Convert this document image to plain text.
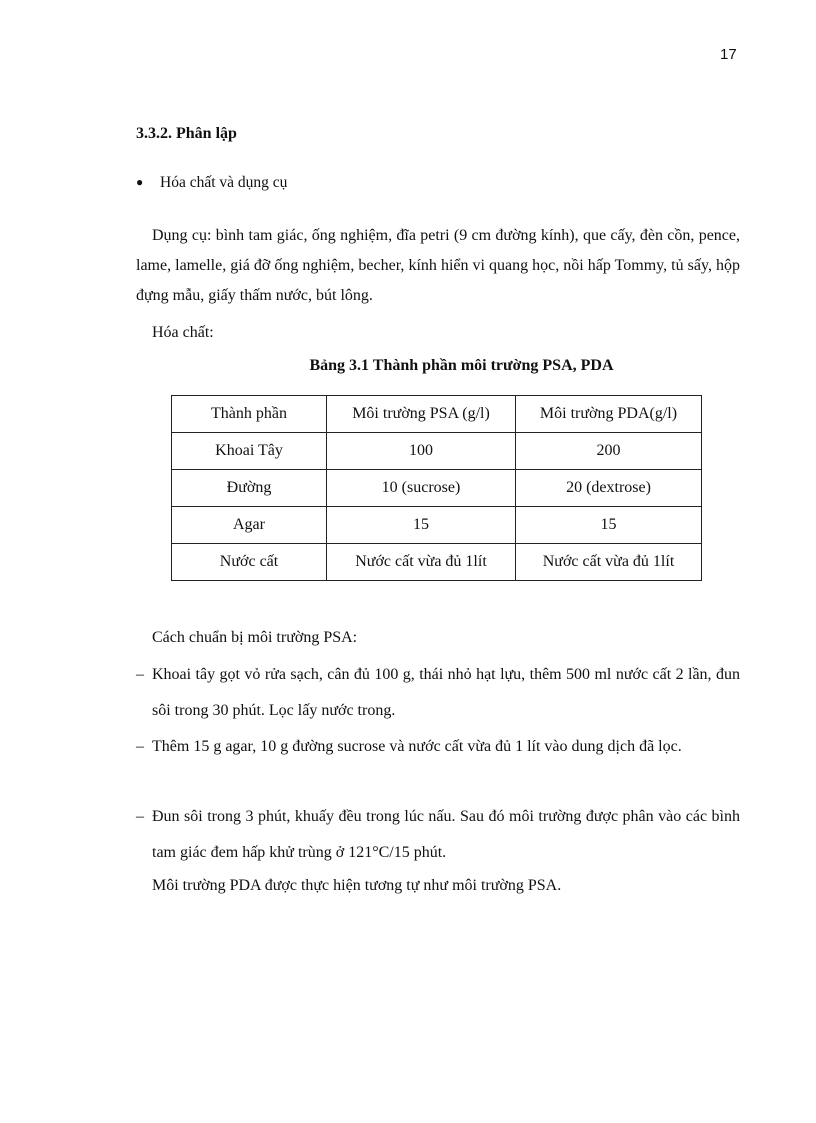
17
3.3.2. Phân lập
● Hóa chất và dụng cụ
Dụng cụ: bình tam giác, ống nghiệm, đĩa petri (9 cm đường kính), que cấy, đèn cồn, pence, lame, lamelle, giá đỡ ống nghiệm, becher, kính hiển vi quang học, nồi hấp Tommy, tủ sấy, hộp đựng mẫu, giấy thấm nước, bút lông.
Hóa chất:
Bảng 3.1 Thành phần môi trường PSA, PDA
Thành phần	Môi trường PSA (g/l)	Môi trường PDA(g/l)
Khoai Tây	100	200
Đường	10 (sucrose)	20 (dextrose)
Agar	15	15
Nước cất	Nước cất vừa đủ 1lít	Nước cất vừa đủ 1lít
Cách chuẩn bị môi trường PSA:
– Khoai tây gọt vỏ rửa sạch, cân đủ 100 g, thái nhỏ hạt lựu, thêm 500 ml nước cất 2 lần, đun sôi trong 30 phút. Lọc lấy nước trong.
– Thêm 15 g agar, 10 g đường sucrose và nước cất vừa đủ 1 lít vào dung dịch đã lọc.
– Đun sôi trong 3 phút, khuấy đều trong lúc nấu. Sau đó môi trường được phân vào các bình tam giác đem hấp khử trùng ở 121°C/15 phút.
Môi trường PDA được thực hiện tương tự như môi trường PSA.
